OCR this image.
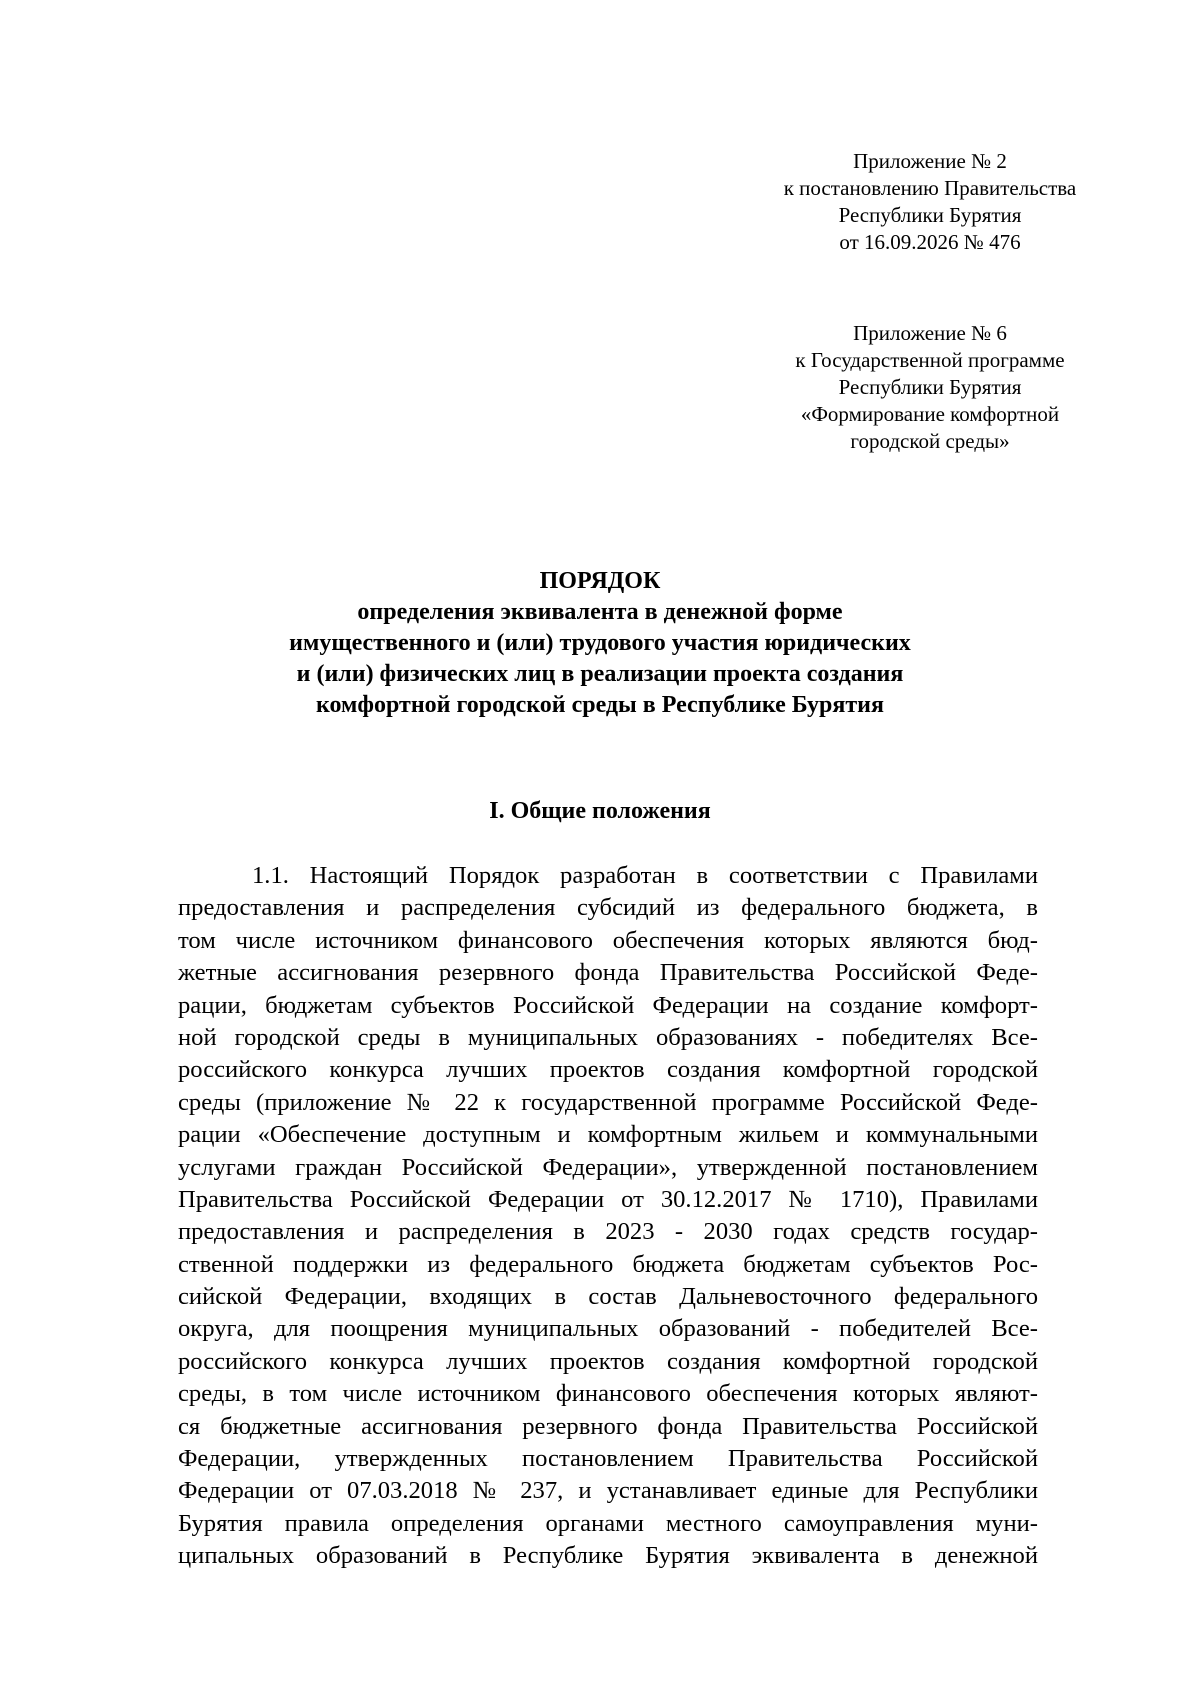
Приложение № 2
к постановлению Правительства
Республики Бурятия
от 16.09.2026 № 476
Приложение № 6
к Государственной программе
Республики Бурятия
«Формирование комфортной
городской среды»
ПОРЯДОК
определения эквивалента в денежной форме
имущественного и (или) трудового участия юридических
и (или) физических лиц в реализации проекта создания
комфортной городской среды в Республике Бурятия
I. Общие положения
1.1. Настоящий Порядок разработан в соответствии с Правилами
предоставления и распределения субсидий из федерального бюджета, в
том числе источником финансового обеспечения которых являются бюд-
жетные ассигнования резервного фонда Правительства Российской Феде-
рации, бюджетам субъектов Российской Федерации на создание комфорт-
ной городской среды в муниципальных образованиях - победителях Все-
российского конкурса лучших проектов создания комфортной городской
среды (приложение № 22 к государственной программе Российской Феде-
рации «Обеспечение доступным и комфортным жильем и коммунальными
услугами граждан Российской Федерации», утвержденной постановлением
Правительства Российской Федерации от 30.12.2017 № 1710), Правилами
предоставления и распределения в 2023 - 2030 годах средств государ-
ственной поддержки из федерального бюджета бюджетам субъектов Рос-
сийской Федерации, входящих в состав Дальневосточного федерального
округа, для поощрения муниципальных образований - победителей Все-
российского конкурса лучших проектов создания комфортной городской
среды, в том числе источником финансового обеспечения которых являют-
ся бюджетные ассигнования резервного фонда Правительства Российской
Федерации, утвержденных постановлением Правительства Российской
Федерации от 07.03.2018 № 237, и устанавливает единые для Республики
Бурятия правила определения органами местного самоуправления муни-
ципальных образований в Республике Бурятия эквивалента в денежной
